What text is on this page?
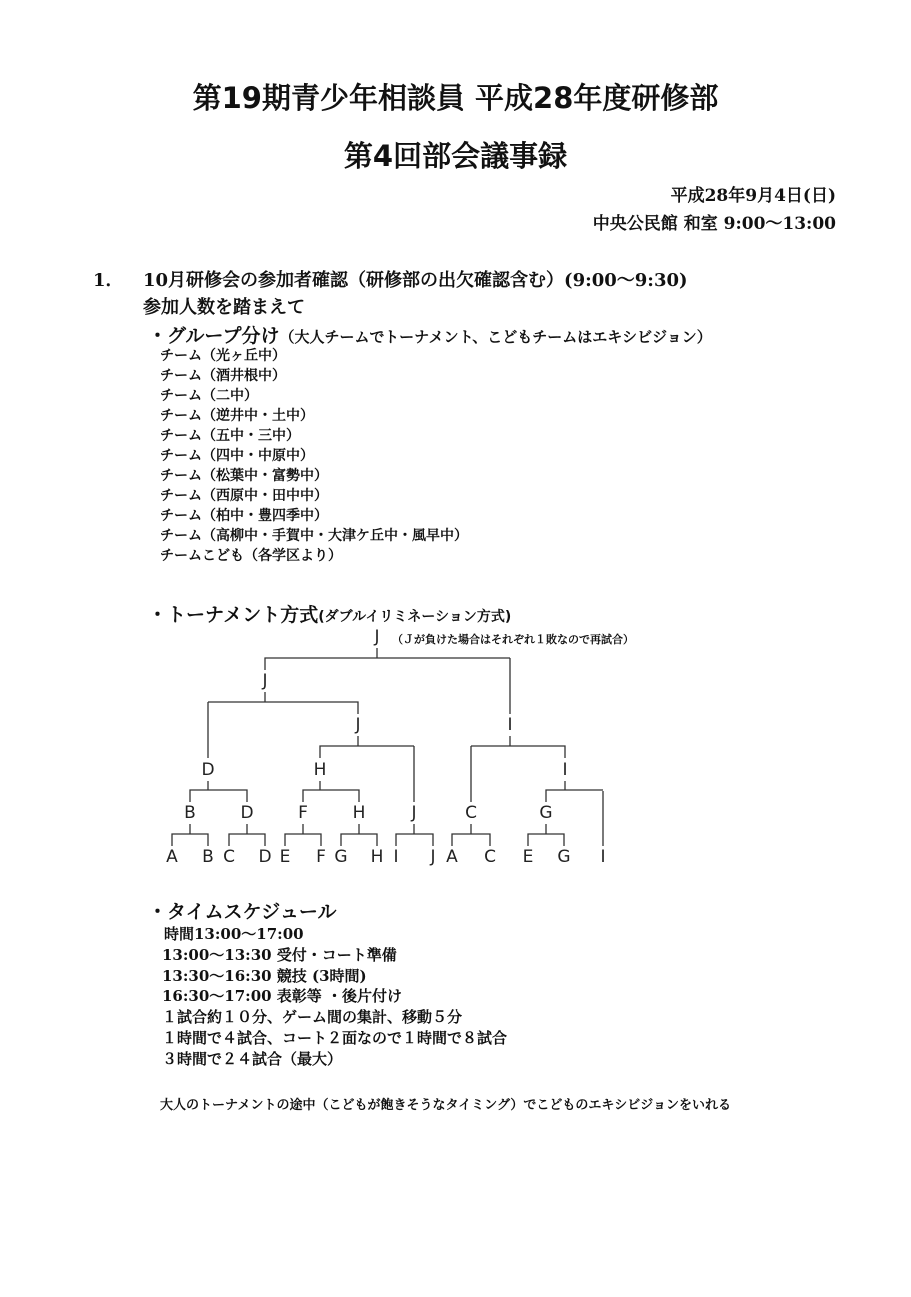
第19期青少年相談員 平成28年度研修部
第4回部会議事録
平成28年9月4日(日)
中央公民館 和室 9:00～13:00
1． 10月研修会の参加者確認（研修部の出欠確認含む）(9:00～9:30)
参加人数を踏まえて
・グループ分け（大人チームでトーナメント、こどもチームはエキシビジョン）
チーム（光ヶ丘中）
チーム（酒井根中）
チーム（二中）
チーム（逆井中・土中）
チーム（五中・三中）
チーム（四中・中原中）
チーム（松葉中・富勢中）
チーム（西原中・田中中）
チーム（柏中・豊四季中）
チーム（高柳中・手賀中・大津ケ丘中・風早中）
チームこども（各学区より）
・トーナメント方式(ダブルイリミネーション方式)
J
J
J	I
D	H	I
B	D	F	H	J	C	G
A B C D E F G H I J A C E G I
（Ｊが負けた場合はそれぞれ１敗なので再試合）
・タイムスケジュール
時間13:00～17:00
13:00～13:30 受付・コート準備
13:30～16:30 競技 (3時間)
16:30～17:00 表彰等 ・後片付け
１試合約１０分、ゲーム間の集計、移動５分
１時間で４試合、コート２面なので１時間で８試合
３時間で２４試合（最大）
大人のトーナメントの途中（こどもが飽きそうなタイミング）でこどものエキシビジョンをいれる
